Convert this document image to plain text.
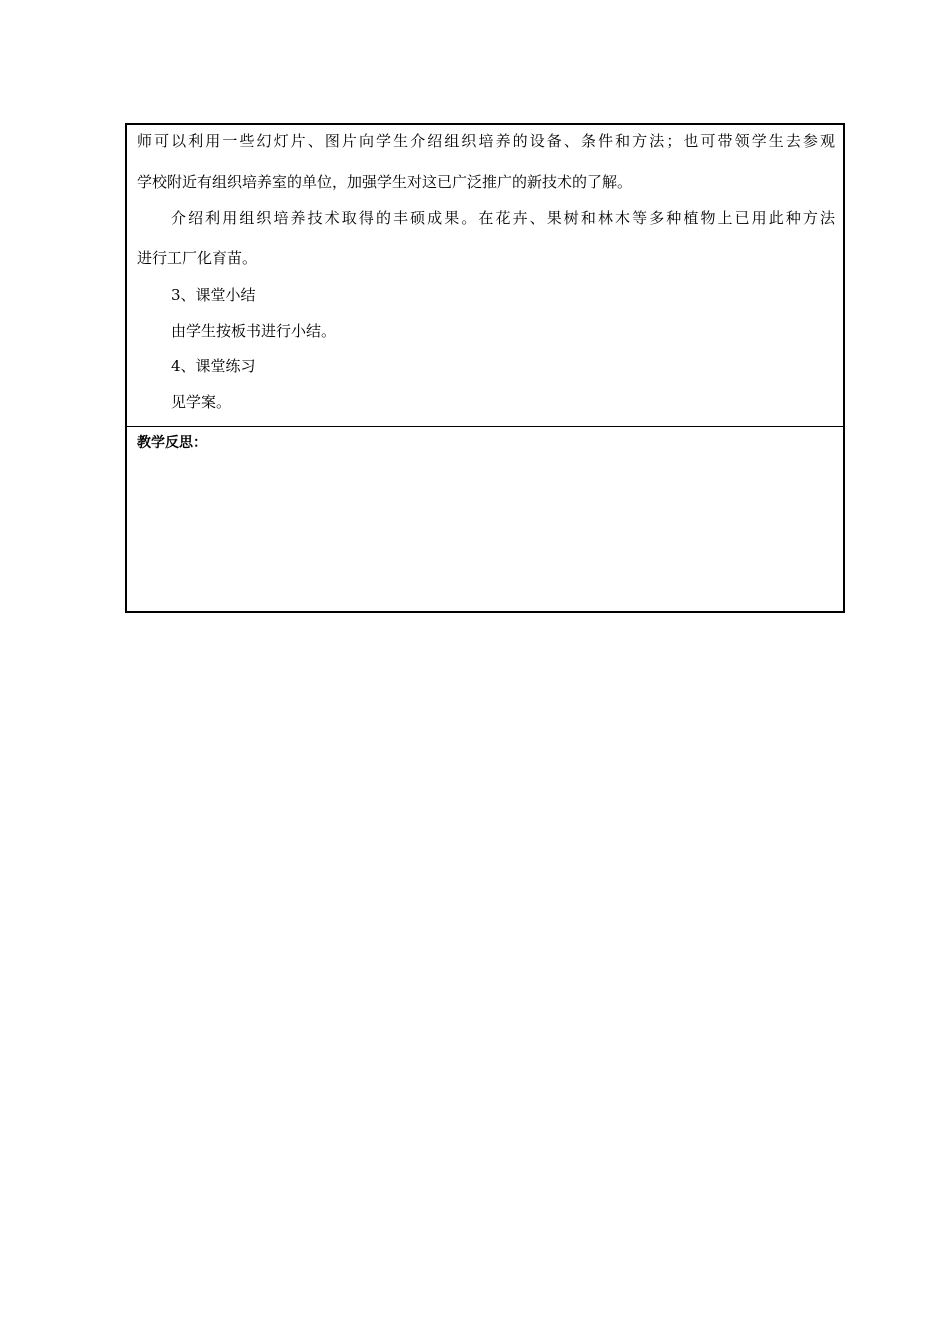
师可以利用一些幻灯片、图片向学生介绍组织培养的设备、条件和方法；也可带领学生去参观
学校附近有组织培养室的单位，加强学生对这已广泛推广的新技术的了解。
介绍利用组织培养技术取得的丰硕成果。在花卉、果树和林木等多种植物上已用此种方法
进行工厂化育苗。
3、课堂小结
由学生按板书进行小结。
4、课堂练习
见学案。
教学反思：
